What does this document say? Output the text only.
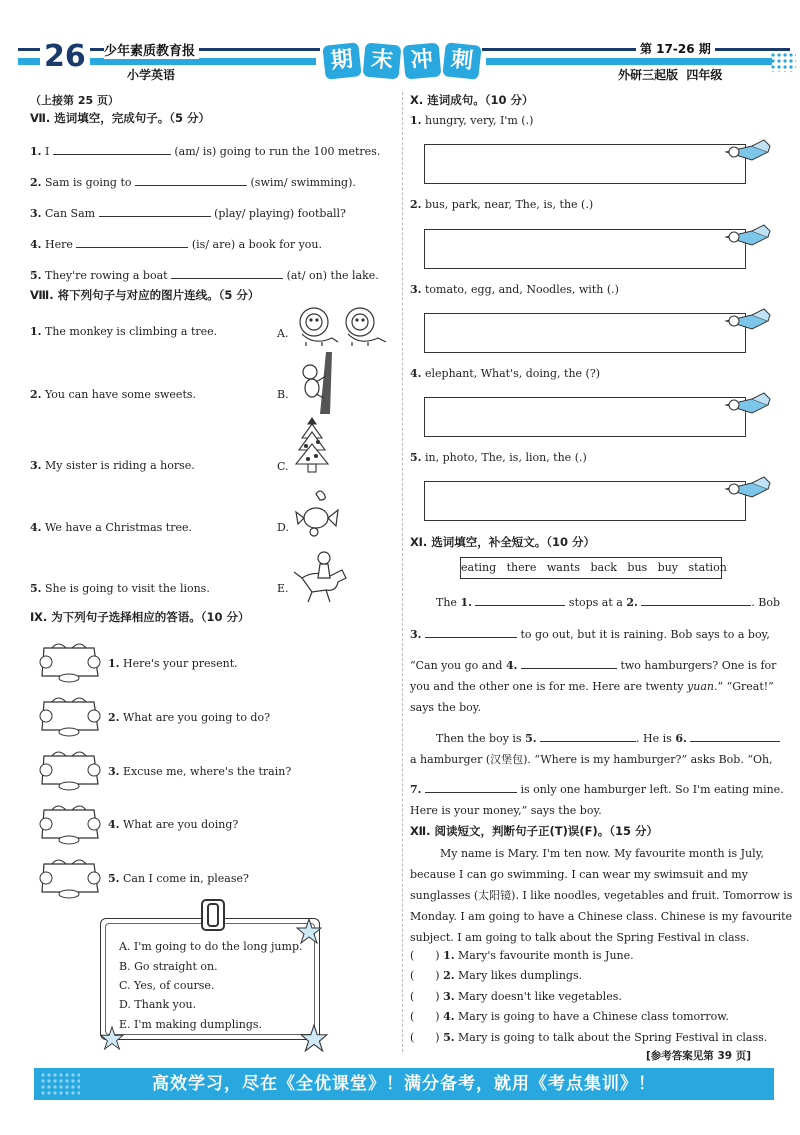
26	少年素质教育报
小学英语
期 末 冲 刺	第 17-26 期
外研三起版  四年级
（上接第 25 页）
Ⅶ. 选词填空，完成句子。（5 分）
1. I	(am/ is) going to run the 100 metres.
2. Sam is going to	(swim/ swimming).
3. Can Sam	(play/ playing) football?
4. Here	(is/ are) a book for you.
5. They're rowing a boat	(at/ on) the lake.
Ⅷ. 将下列句子与对应的图片连线。（5 分）
1. The monkey is climbing a tree.
2. You can have some sweets.
3. My sister is riding a horse.
4. We have a Christmas tree.
5. She is going to visit the lions.
A.
B.
C.
D.
E.
Ⅸ. 为下列句子选择相应的答语。（10 分）
1. Here's your present.
2. What are you going to do?
3. Excuse me, where's the train?
4. What are you doing?
5. Can I come in, please?
A. I'm going to do the long jump.
B. Go straight on.
C. Yes, of course.
D. Thank you.
E. I'm making dumplings.
Ⅹ. 连词成句。（10 分）
1. hungry, very, I'm (.)
2. bus, park, near, The, is, the (.)
3. tomato, egg, and, Noodles, with (.)
4. elephant, What's, doing, the (?)
5. in, photo, The, is, lion, the (.)
Ⅺ. 选词填空，补全短文。（10 分）
eating   there   wants   back   bus   buy   station
The 1.	stops at a 2.	. Bob
3.	to go out, but it is raining. Bob says to a boy,
“Can you go and 4.	two hamburgers? One is for
you and the other one is for me. Here are twenty yuan.” “Great!”
says the boy.
Then the boy is 5.	. He is 6.
a hamburger (汉堡包). “Where is my hamburger?” asks Bob. “Oh,
7.	is only one hamburger left. So I'm eating mine.
Here is your money,” says the boy.
Ⅻ. 阅读短文，判断句子正(T)误(F)。（15 分）
My name is Mary. I'm ten now. My favourite month is July,
because I can go swimming. I can wear my swimsuit and my
sunglasses (太阳镜). I like noodles, vegetables and fruit. Tomorrow is
Monday. I am going to have a Chinese class. Chinese is my favourite
subject. I am going to talk about the Spring Festival in class.
(      ) 1. Mary's favourite month is June.
(      ) 2. Mary likes dumplings.
(      ) 3. Mary doesn't like vegetables.
(      ) 4. Mary is going to have a Chinese class tomorrow.
(      ) 5. Mary is going to talk about the Spring Festival in class.
[参考答案见第 39 页]
高效学习，尽在《全优课堂》！满分备考，就用《考点集训》！
